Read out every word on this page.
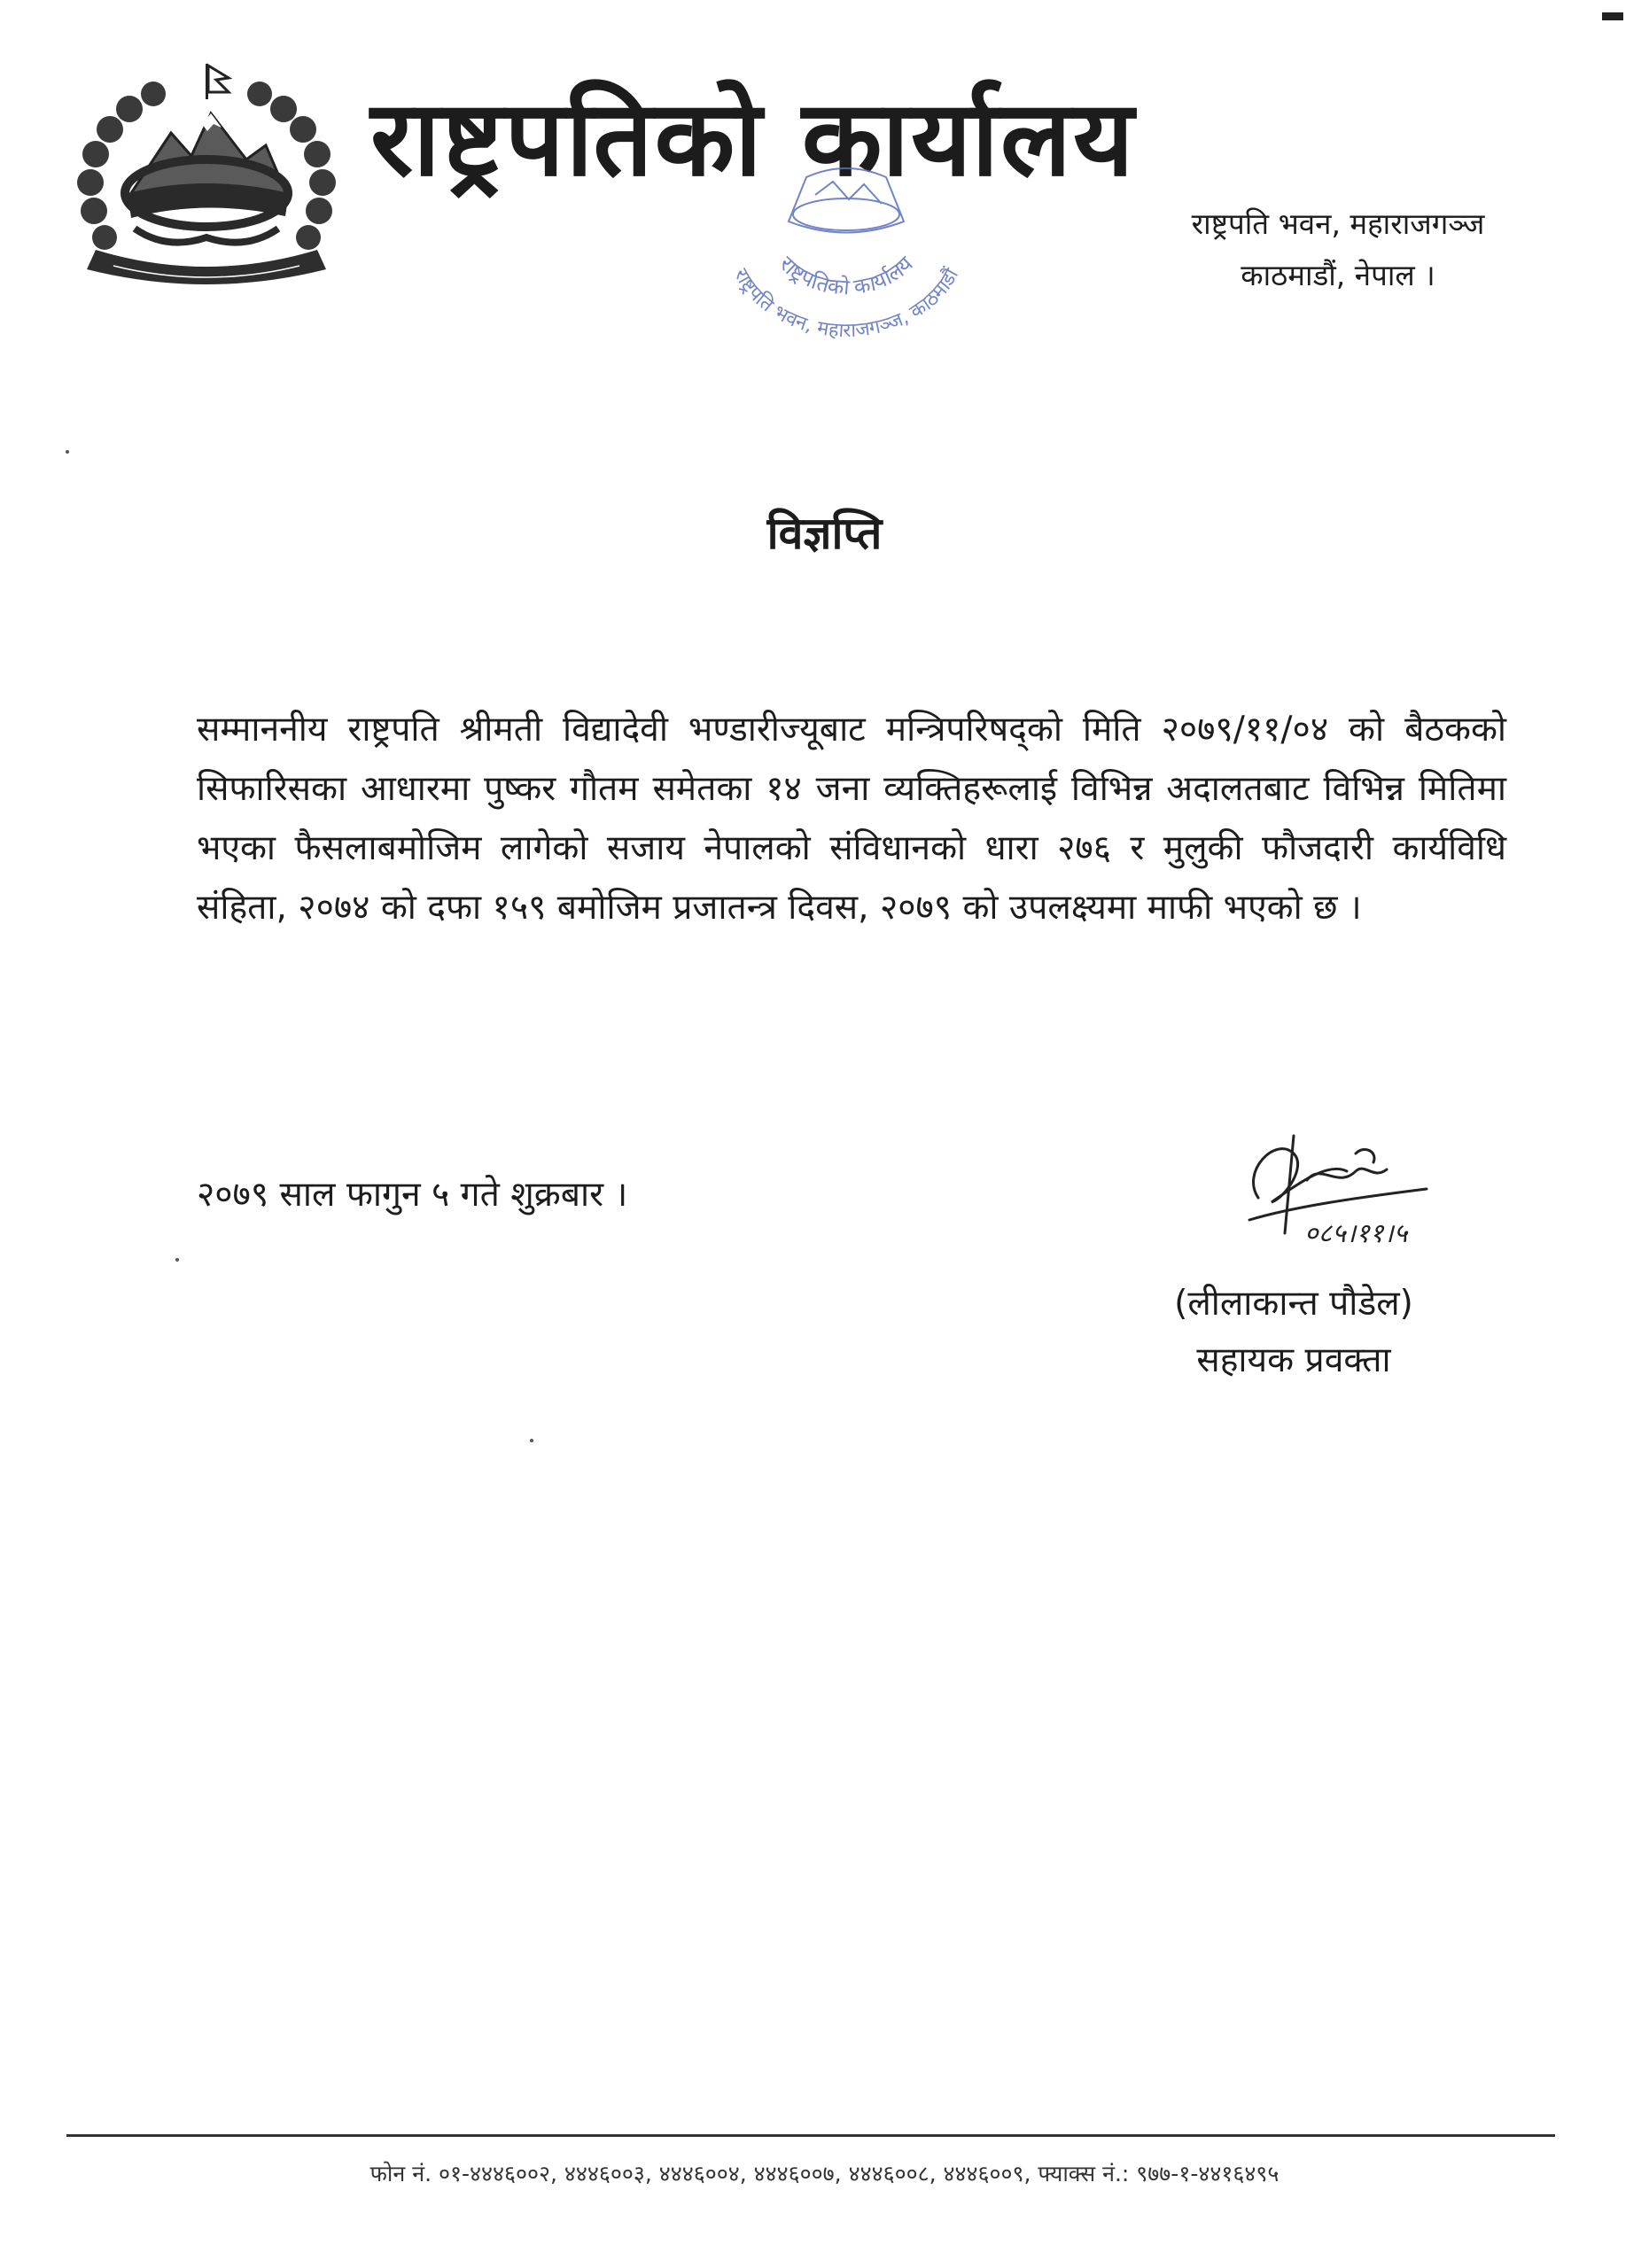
राष्ट्रपतिको कार्यालय
राष्ट्रपति भवन, महाराजगञ्ज
काठमाडौं, नेपाल ।
राष्ट्रपतिको कार्यालय
राष्ट्रपति भवन, महाराजगञ्ज, काठमाडौं
विज्ञप्ति

सम्माननीय राष्ट्रपति श्रीमती विद्यादेवी भण्डारीज्यूबाट मन्त्रिपरिषद्को मिति २०७९/११/०४ को बैठकको सिफारिसका आधारमा पुष्कर गौतम समेतका १४ जना व्यक्तिहरूलाई विभिन्न अदालतबाट विभिन्न मितिमा भएका फैसलाबमोजिम लागेको सजाय नेपालको संविधानको धारा २७६ र मुलुकी फौजदारी कार्यविधि संहिता, २०७४ को दफा १५९ बमोजिम प्रजातन्त्र दिवस, २०७९ को उपलक्ष्यमा माफी भएको छ ।

२०७९ साल फागुन ५ गते शुक्रबार ।
०८५।११।५
(लीलाकान्त पौडेल)
सहायक प्रवक्ता
फोन नं. ०१-४४४६००२, ४४४६००३, ४४४६००४, ४४४६००७, ४४४६००८, ४४४६००९, फ्याक्स नं.: ९७७-१-४४१६४९५
